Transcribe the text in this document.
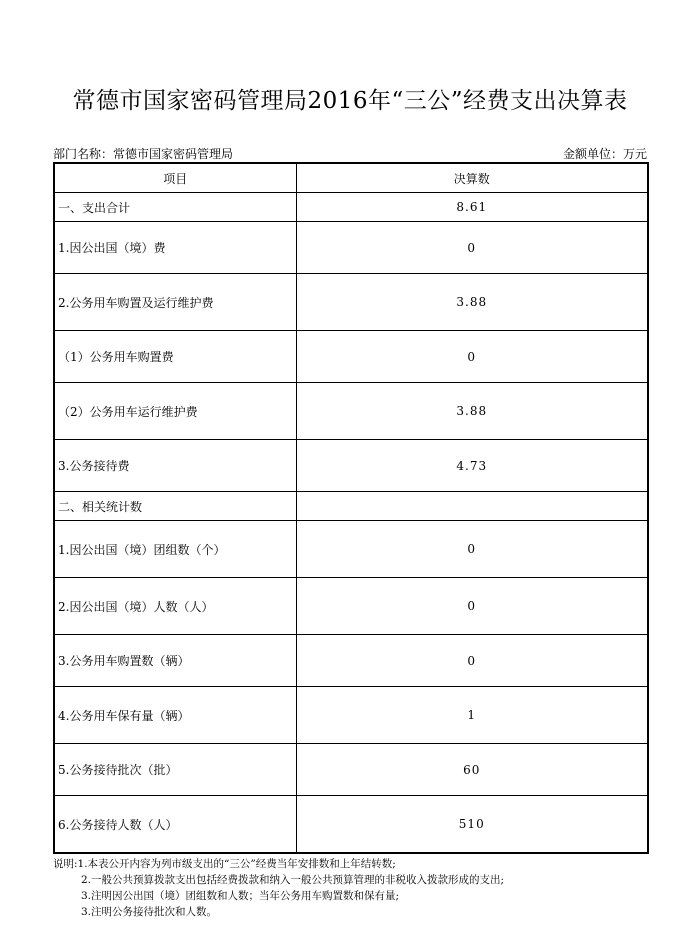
常德市国家密码管理局2016年“三公”经费支出决算表
部门名称：常德市国家密码管理局	金额单位：万元
项目	决算数
一、支出合计	8.61
1.因公出国（境）费	0
2.公务用车购置及运行维护费	3.88
（1）公务用车购置费	0
（2）公务用车运行维护费	3.88
3.公务接待费	4.73
二、相关统计数	
1.因公出国（境）团组数（个）	0
2.因公出国（境）人数（人）	0
3.公务用车购置数（辆）	0
4.公务用车保有量（辆）	1
5.公务接待批次（批）	60
6.公务接待人数（人）	510
说明:1.本表公开内容为列市级支出的“三公”经费当年安排数和上年结转数;
2.一般公共预算拨款支出包括经费拨款和纳入一般公共预算管理的非税收入拨款形成的支出;
3.注明因公出国（境）团组数和人数；当年公务用车购置数和保有量;
3.注明公务接待批次和人数。
